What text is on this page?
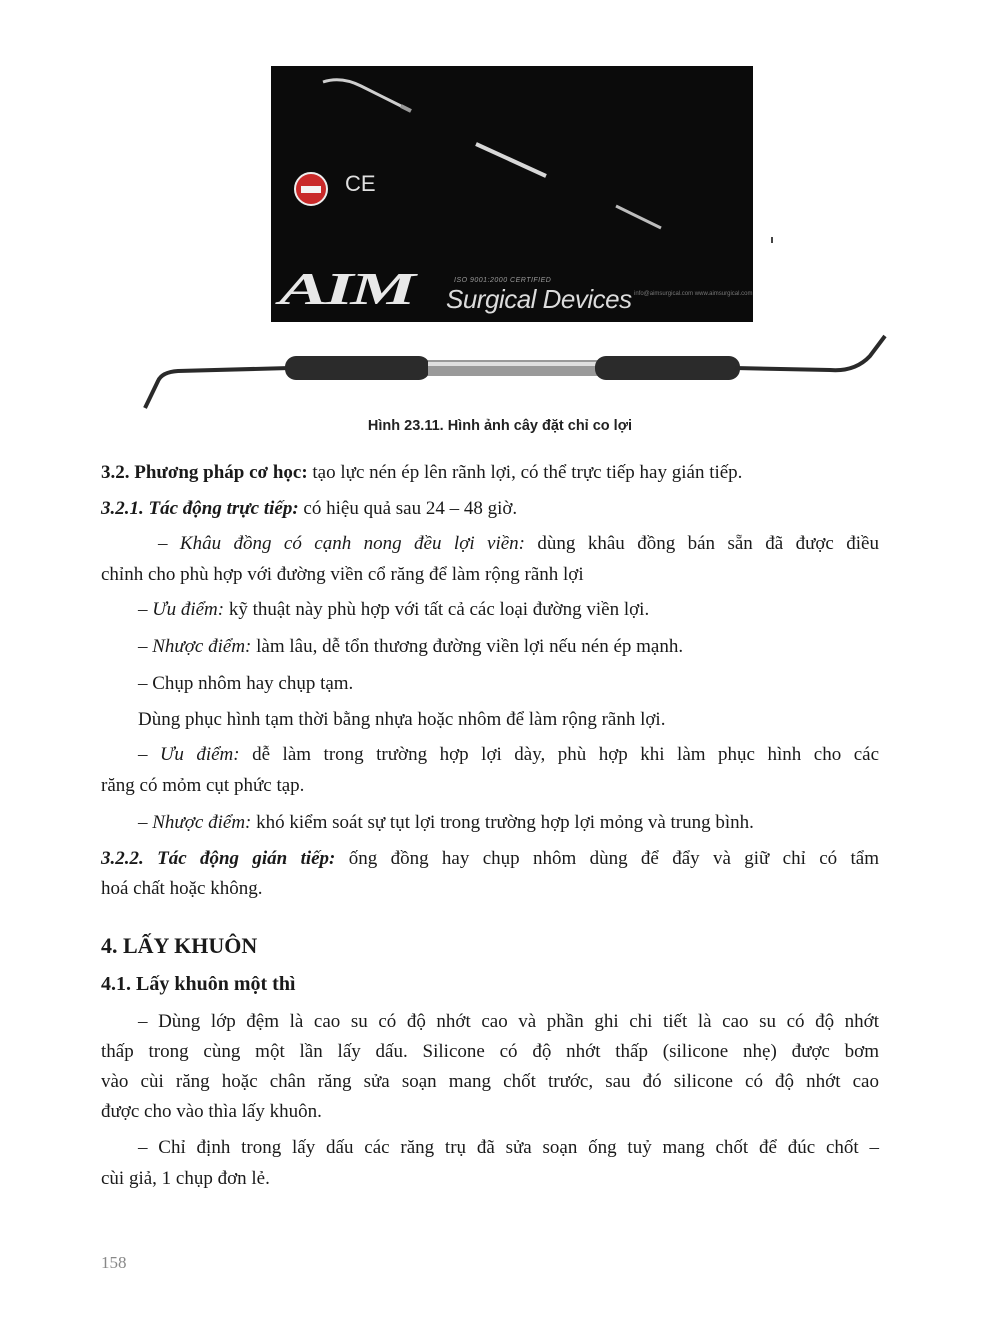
CE
AIM	ISO 9001:2000 CERTIFIED
Surgical Devices info@aimsurgical.com www.aimsurgical.com
Hình 23.11. Hình ảnh cây đặt chỉ co lợi
3.2. Phương pháp cơ học: tạo lực nén ép lên rãnh lợi, có thể trực tiếp hay gián tiếp.
3.2.1. Tác động trực tiếp: có hiệu quả sau 24 – 48 giờ.
– Khâu đồng có cạnh nong đều lợi viền: dùng khâu đồng bán sẵn đã được điều
chỉnh cho phù hợp với đường viền cổ răng để làm rộng rãnh lợi
– Ưu điểm: kỹ thuật này phù hợp với tất cả các loại đường viền lợi.
– Nhược điểm: làm lâu, dễ tổn thương đường viền lợi nếu nén ép mạnh.
– Chụp nhôm hay chụp tạm.
Dùng phục hình tạm thời bằng nhựa hoặc nhôm để làm rộng rãnh lợi.
– Ưu điểm: dễ làm trong trường hợp lợi dày, phù hợp khi làm phục hình cho các
răng có mỏm cụt phức tạp.
– Nhược điểm: khó kiểm soát sự tụt lợi trong trường hợp lợi mỏng và trung bình.
3.2.2. Tác động gián tiếp: ống đồng hay chụp nhôm dùng để đẩy và giữ chỉ có tẩm
hoá chất hoặc không.
4. LẤY KHUÔN
4.1. Lấy khuôn một thì
– Dùng lớp đệm là cao su có độ nhớt cao và phần ghi chi tiết là cao su có độ nhớt
thấp trong cùng một lần lấy dấu. Silicone có độ nhớt thấp (silicone nhẹ) được bơm
vào cùi răng hoặc chân răng sửa soạn mang chốt trước, sau đó silicone có độ nhớt cao
được cho vào thìa lấy khuôn.
– Chỉ định trong lấy dấu các răng trụ đã sửa soạn ống tuỷ mang chốt để đúc chốt –
cùi giả, 1 chụp đơn lẻ.
158
